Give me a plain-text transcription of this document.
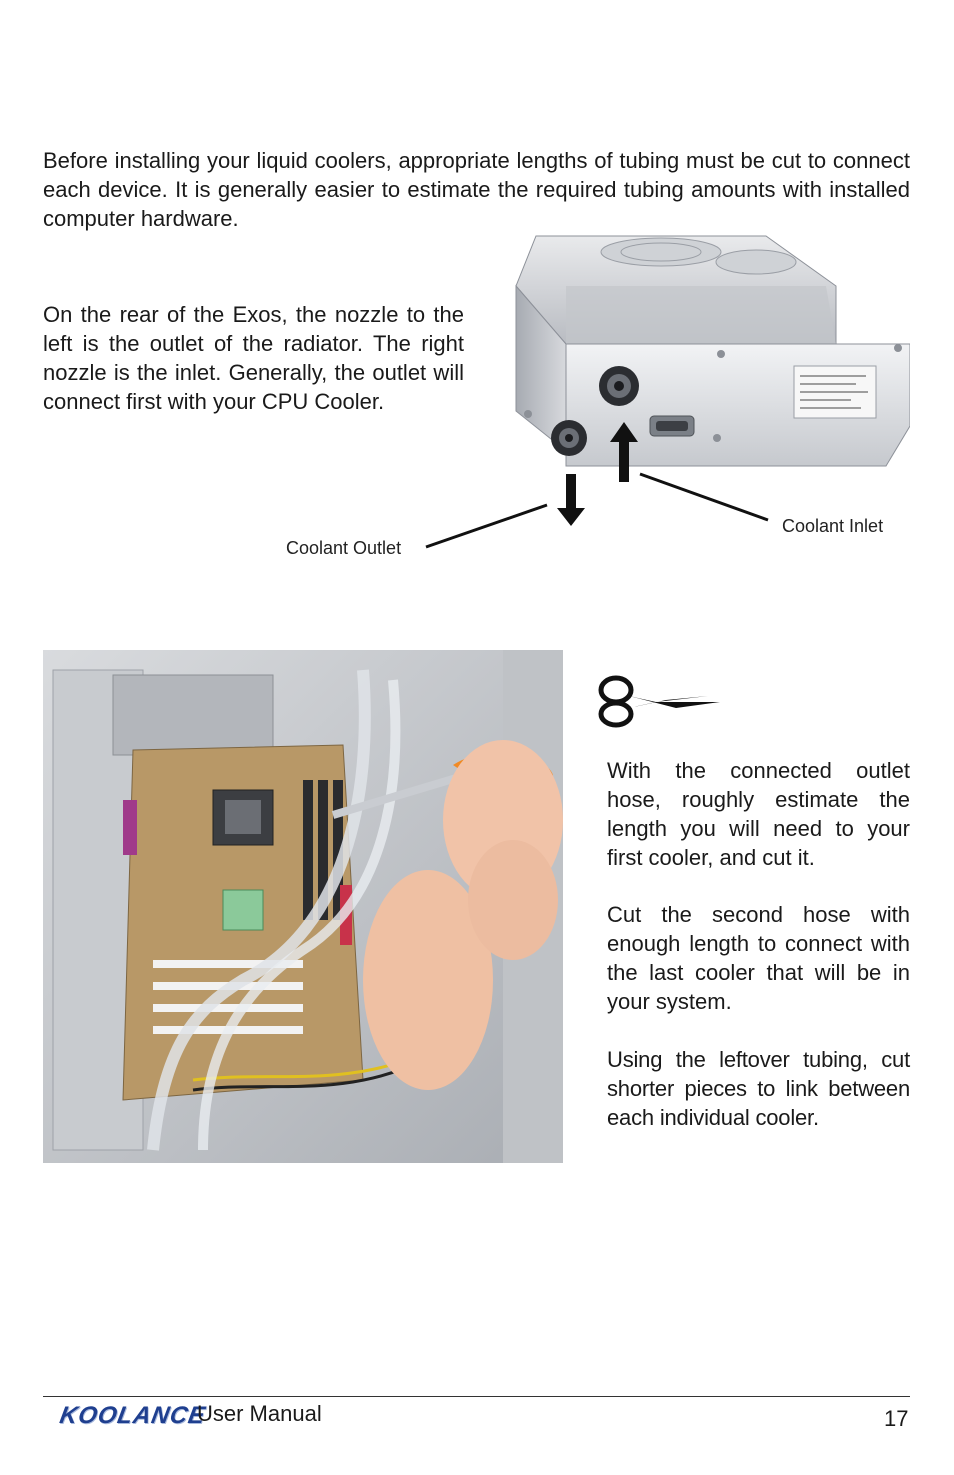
Before installing your liquid coolers, appropriate lengths of tubing must be cut to connect each device. It is generally easier to estimate the required tubing amounts with installed computer hardware.

On the rear of the Exos, the nozzle to the left is the outlet of the radiator. The right nozzle is the inlet. Generally, the outlet will connect first with your CPU Cooler.

Coolant Outlet
Coolant Inlet

With the connected outlet hose, roughly estimate the length you will need to your first cooler, and cut it.

Cut the second hose with enough length to connect with the last cooler that will be in your system.

Using the leftover tubing, cut shorter pieces to link between each individual cooler.

KOOLANCE
User Manual	17
